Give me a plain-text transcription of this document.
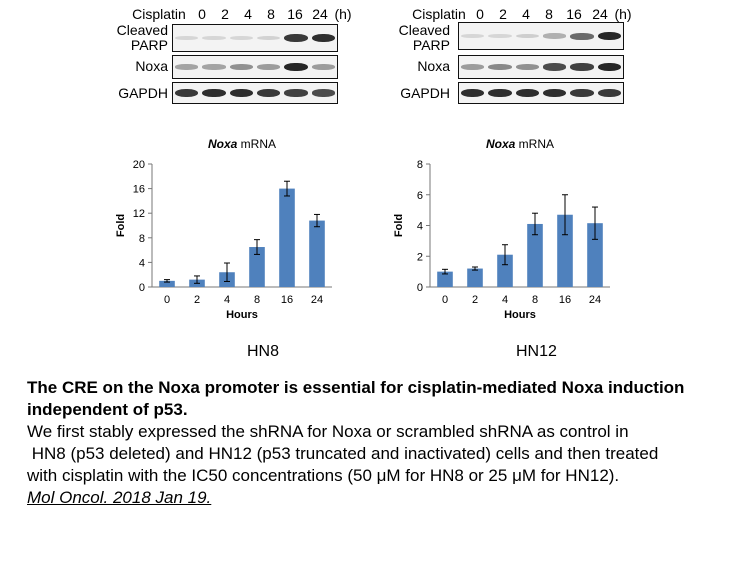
Cisplatin 0	2	4	8 16 24 (h)
Cleaved
PARP
Noxa
GAPDH
Cisplatin 0	2	4	8 16 24 (h)
Cleaved
PARP
Noxa
GAPDH
Noxa mRNA
0
4
8
12
16
20
0 2 4 8 16 24
Hours
Fold
Noxa mRNA
0
2
4
6
8
0 2 4 8 16 24
Hours
Fold
HN8	HN12
The CRE on the Noxa promoter is essential for cisplatin-mediated Noxa induction independent of p53.
We first stably expressed the shRNA for Noxa or scrambled shRNA as control in
HN8 (p53 deleted) and HN12 (p53 truncated and inactivated) cells and then treated
with cisplatin with the IC50 concentrations (50 μM for HN8 or 25 μM for HN12).
Mol Oncol. 2018 Jan 19.
